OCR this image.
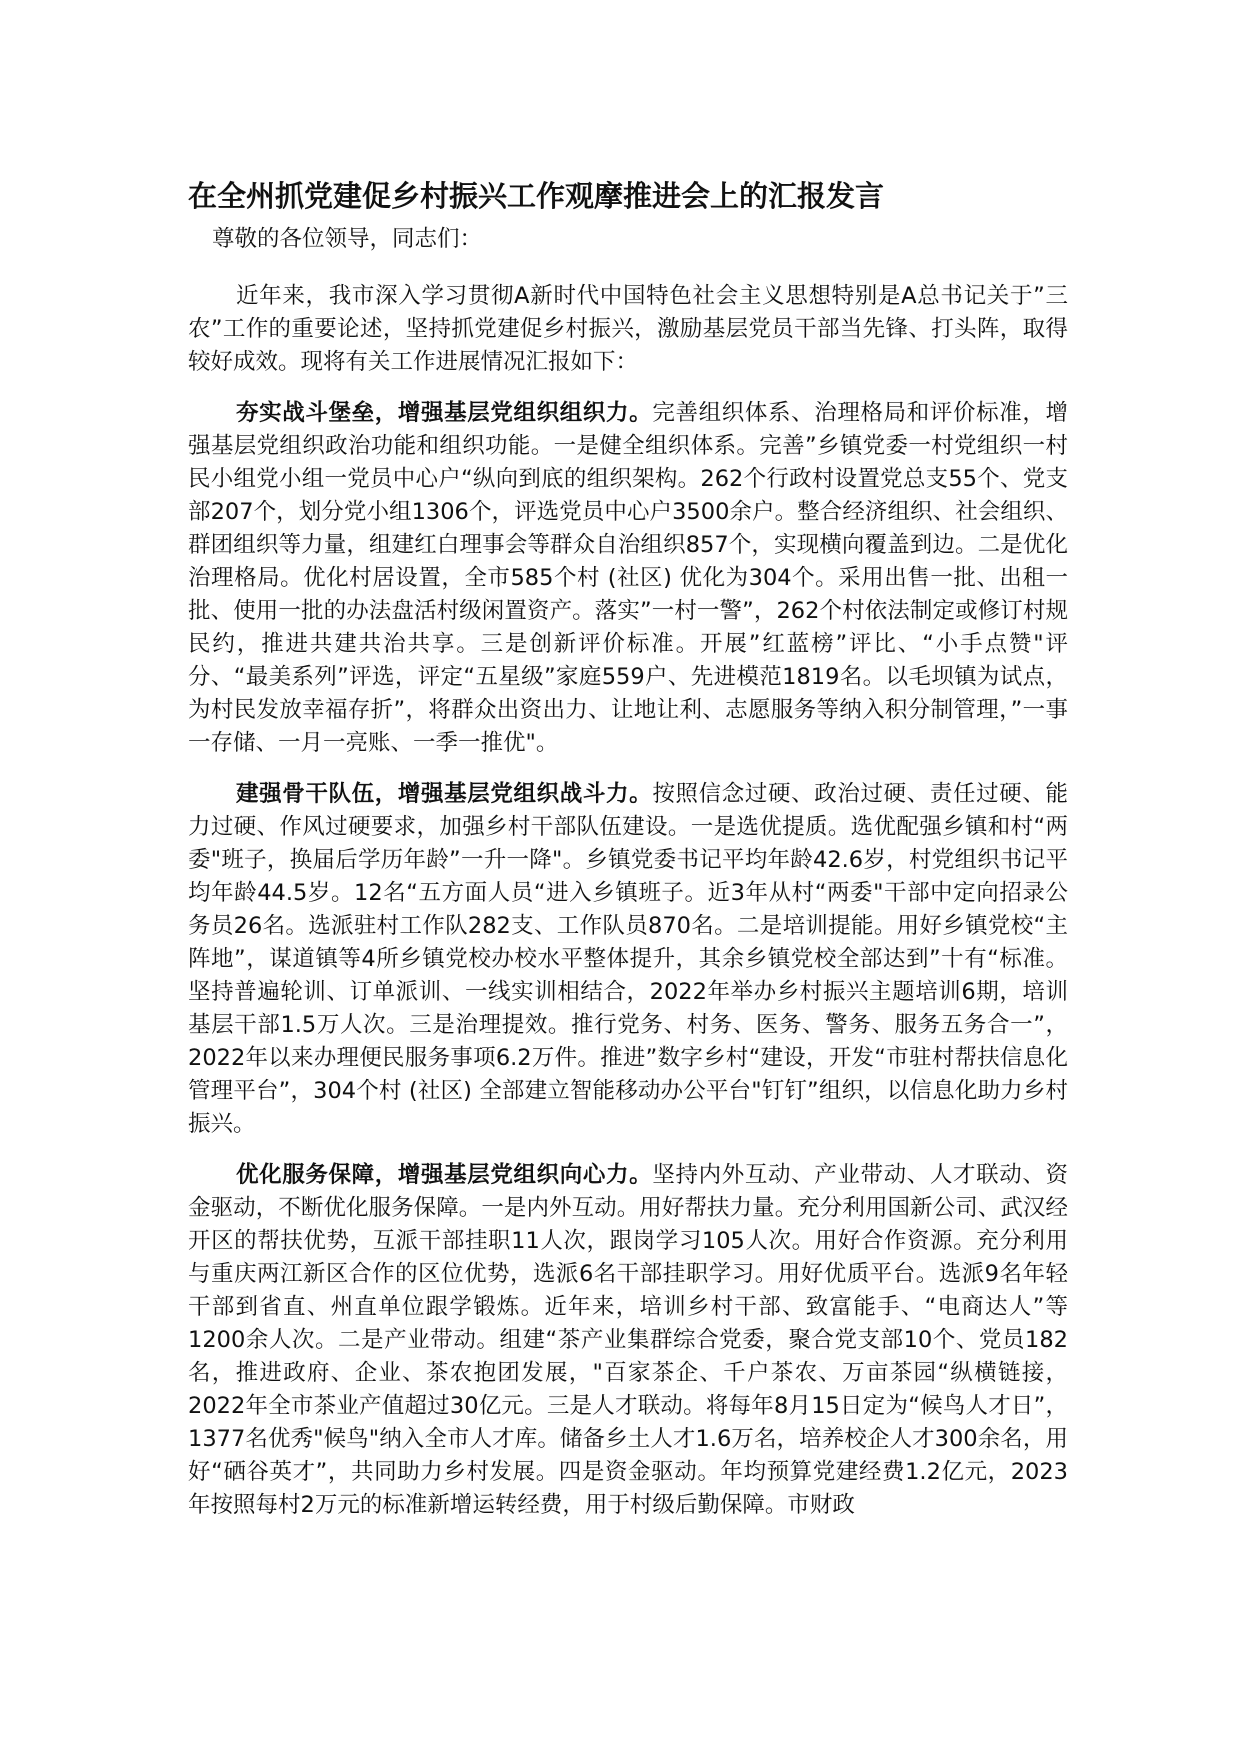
在全州抓党建促乡村振兴工作观摩推进会上的汇报发言

尊敬的各位领导，同志们：

近年来，我市深入学习贯彻A新时代中国特色社会主义思想特别是A总书记关于”三农”工作的重要论述，坚持抓党建促乡村振兴，激励基层党员干部当先锋、打头阵，取得较好成效。现将有关工作进展情况汇报如下：

夯实战斗堡垒，增强基层党组织组织力。完善组织体系、治理格局和评价标准，增强基层党组织政治功能和组织功能。一是健全组织体系。完善”乡镇党委一村党组织一村民小组党小组一党员中心户“纵向到底的组织架构。262个行政村设置党总支55个、党支部207个，划分党小组1306个，评选党员中心户3500余户。整合经济组织、社会组织、群团组织等力量，组建红白理事会等群众自治组织857个，实现横向覆盖到边。二是优化治理格局。优化村居设置，全市585个村 (社区) 优化为304个。采用出售一批、出租一批、使用一批的办法盘活村级闲置资产。落实”一村一警”，262个村依法制定或修订村规民约，推进共建共治共享。三是创新评价标准。开展”红蓝榜”评比、“小手点赞"评分、“最美系列”评选，评定“五星级”家庭559户、先进模范1819名。以毛坝镇为试点，为村民发放幸福存折”，将群众出资出力、让地让利、志愿服务等纳入积分制管理，”一事一存储、一月一亮账、一季一推优"。

建强骨干队伍，增强基层党组织战斗力。按照信念过硬、政治过硬、责任过硬、能力过硬、作风过硬要求，加强乡村干部队伍建设。一是选优提质。选优配强乡镇和村“两委"班子，换届后学历年龄”一升一降"。乡镇党委书记平均年龄42.6岁，村党组织书记平均年龄44.5岁。12名“五方面人员“进入乡镇班子。近3年从村“两委"干部中定向招录公务员26名。选派驻村工作队282支、工作队员870名。二是培训提能。用好乡镇党校“主阵地”，谋道镇等4所乡镇党校办校水平整体提升，其余乡镇党校全部达到”十有“标准。坚持普遍轮训、订单派训、一线实训相结合，2022年举办乡村振兴主题培训6期，培训基层干部1.5万人次。三是治理提效。推行党务、村务、医务、警务、服务五务合一”，2022年以来办理便民服务事项6.2万件。推进”数字乡村“建设，开发“市驻村帮扶信息化管理平台”，304个村 (社区) 全部建立智能移动办公平台"钉钉”组织，以信息化助力乡村振兴。

优化服务保障，增强基层党组织向心力。坚持内外互动、产业带动、人才联动、资金驱动，不断优化服务保障。一是内外互动。用好帮扶力量。充分利用国新公司、武汉经开区的帮扶优势，互派干部挂职11人次，跟岗学习105人次。用好合作资源。充分利用与重庆两江新区合作的区位优势，选派6名干部挂职学习。用好优质平台。选派9名年轻干部到省直、州直单位跟学锻炼。近年来，培训乡村干部、致富能手、“电商达人”等1200余人次。二是产业带动。组建“茶产业集群综合党委，聚合党支部10个、党员182名，推进政府、企业、茶农抱团发展，"百家茶企、千户茶农、万亩茶园“纵横链接，2022年全市茶业产值超过30亿元。三是人才联动。将每年8月15日定为“候鸟人才日”，1377名优秀"候鸟"纳入全市人才库。储备乡土人才1.6万名，培养校企人才300余名，用好“硒谷英才”，共同助力乡村发展。四是资金驱动。年均预算党建经费1.2亿元，2023年按照每村2万元的标准新增运转经费，用于村级后勤保障。市财政
